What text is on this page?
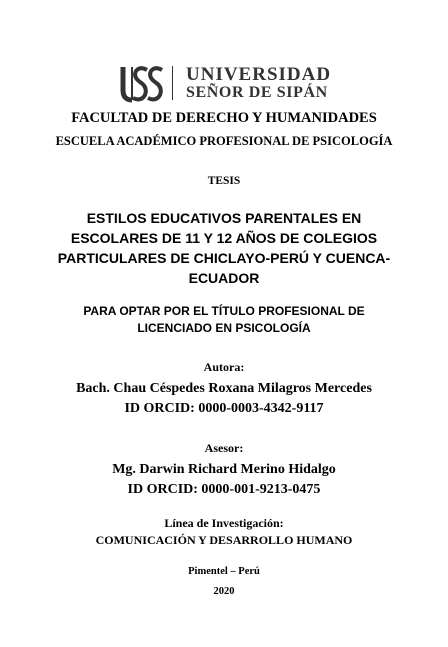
UNIVERSIDAD
SEÑOR DE SIPÁN
FACULTAD DE DERECHO Y HUMANIDADES
ESCUELA ACADÉMICO PROFESIONAL DE PSICOLOGÍA
TESIS
ESTILOS EDUCATIVOS PARENTALES EN
ESCOLARES DE 11 Y 12 AÑOS DE COLEGIOS
PARTICULARES DE CHICLAYO-PERÚ Y CUENCA-
ECUADOR
PARA OPTAR POR EL TÍTULO PROFESIONAL DE
LICENCIADO EN PSICOLOGÍA
Autora:
Bach. Chau Céspedes Roxana Milagros Mercedes
ID ORCID: 0000-0003-4342-9117
Asesor:
Mg. Darwin Richard Merino Hidalgo
ID ORCID: 0000-001-9213-0475
Línea de Investigación:
COMUNICACIÓN Y DESARROLLO HUMANO
Pimentel – Perú
2020
